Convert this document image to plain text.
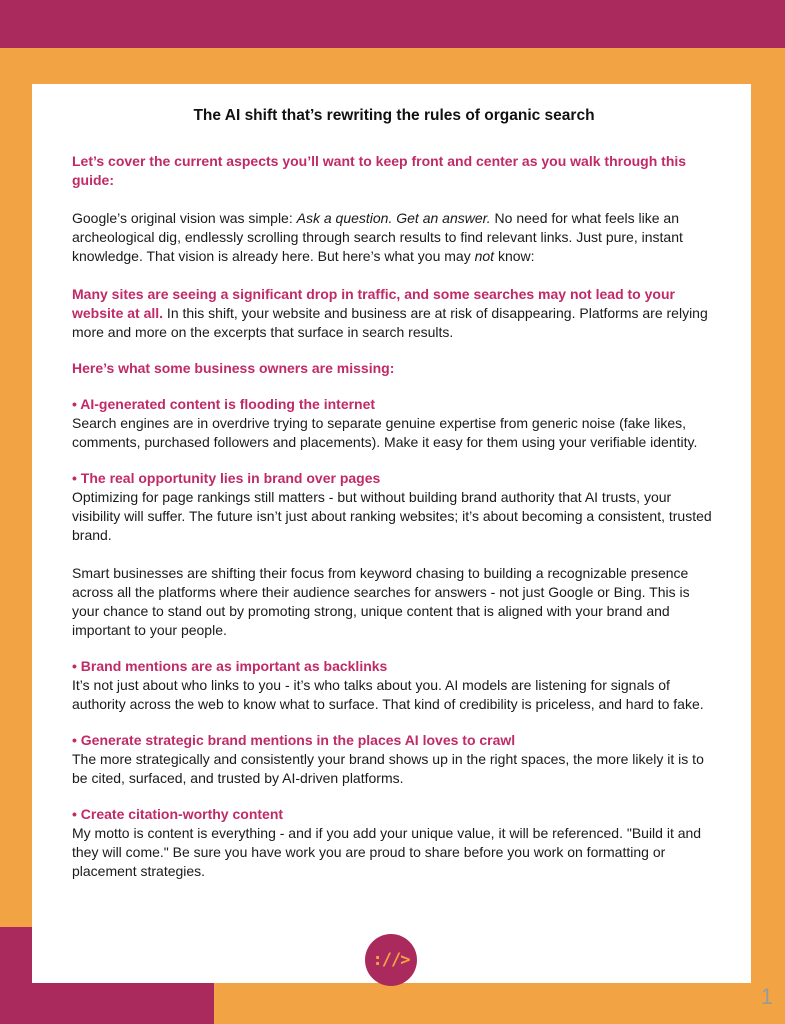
The AI shift that’s rewriting the rules of organic search

Let’s cover the current aspects you’ll want to keep front and center as you walk through this guide:

Google’s original vision was simple: Ask a question. Get an answer. No need for what feels like an archeological dig, endlessly scrolling through search results to find relevant links. Just pure, instant knowledge. That vision is already here. But here’s what you may not know:

Many sites are seeing a significant drop in traffic, and some searches may not lead to your website at all. In this shift, your website and business are at risk of disappearing. Platforms are relying more and more on the excerpts that surface in search results.

Here’s what some business owners are missing:

• AI-generated content is flooding the internet

Search engines are in overdrive trying to separate genuine expertise from generic noise (fake likes, comments, purchased followers and placements). Make it easy for them using your verifiable identity.

• The real opportunity lies in brand over pages

Optimizing for page rankings still matters - but without building brand authority that AI trusts, your visibility will suffer. The future isn’t just about ranking websites; it’s about becoming a consistent, trusted brand.

Smart businesses are shifting their focus from keyword chasing to building a recognizable presence across all the platforms where their audience searches for answers - not just Google or Bing. This is your chance to stand out by promoting strong, unique content that is aligned with your brand and important to your people.

• Brand mentions are as important as backlinks

It’s not just about who links to you - it’s who talks about you. AI models are listening for signals of authority across the web to know what to surface. That kind of credibility is priceless, and hard to fake.

• Generate strategic brand mentions in the places AI loves to crawl

The more strategically and consistently your brand shows up in the right spaces, the more likely it is to be cited, surfaced, and trusted by AI-driven platforms.

• Create citation-worthy content

My motto is content is everything - and if you add your unique value, it will be referenced. "Build it and they will come." Be sure you have work you are proud to share before you work on formatting or placement strategies.

://>
1
